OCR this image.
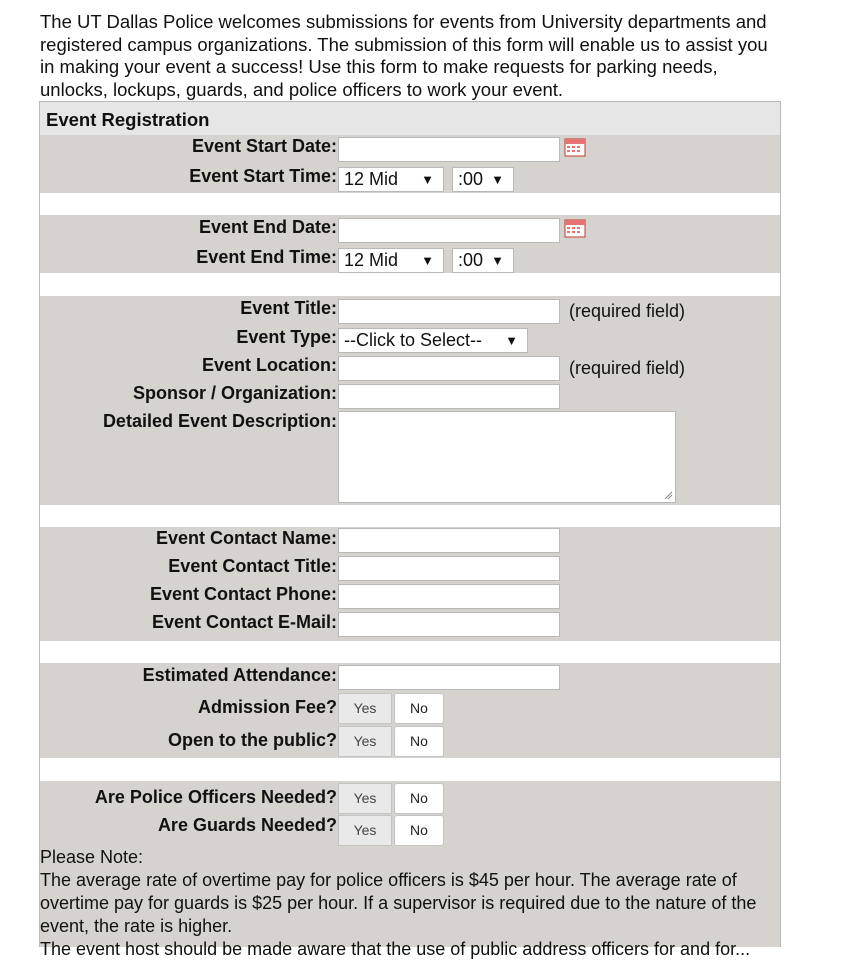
The UT Dallas Police welcomes submissions for events from University departments and registered campus organizations. The submission of this form will enable us to assist you in making your event a success! Use this form to make requests for parking needs, unlocks, lockups, guards, and police officers to work your event.
Event Registration
Event Start Date:
Event Start Time: 12 Mid ▼	:00 ▼
Event End Date:
Event End Time: 12 Mid ▼	:00 ▼
Event Title:	(required field)
Event Type: --Click to Select-- ▼
Event Location:	(required field)
Sponsor / Organization:
Detailed Event Description:
Event Contact Name:
Event Contact Title:
Event Contact Phone:
Event Contact E-Mail:
Estimated Attendance:
Admission Fee?	Yes	No
Open to the public?	Yes	No
Are Police Officers Needed?	Yes	No
Are Guards Needed?	Yes	No

Please Note:

The average rate of overtime pay for police officers is $45 per hour. The average rate of overtime pay for guards is $25 per hour. If a supervisor is required due to the nature of the event, the rate is higher.

The event host should be made aware that the use of public address officers for and for...
